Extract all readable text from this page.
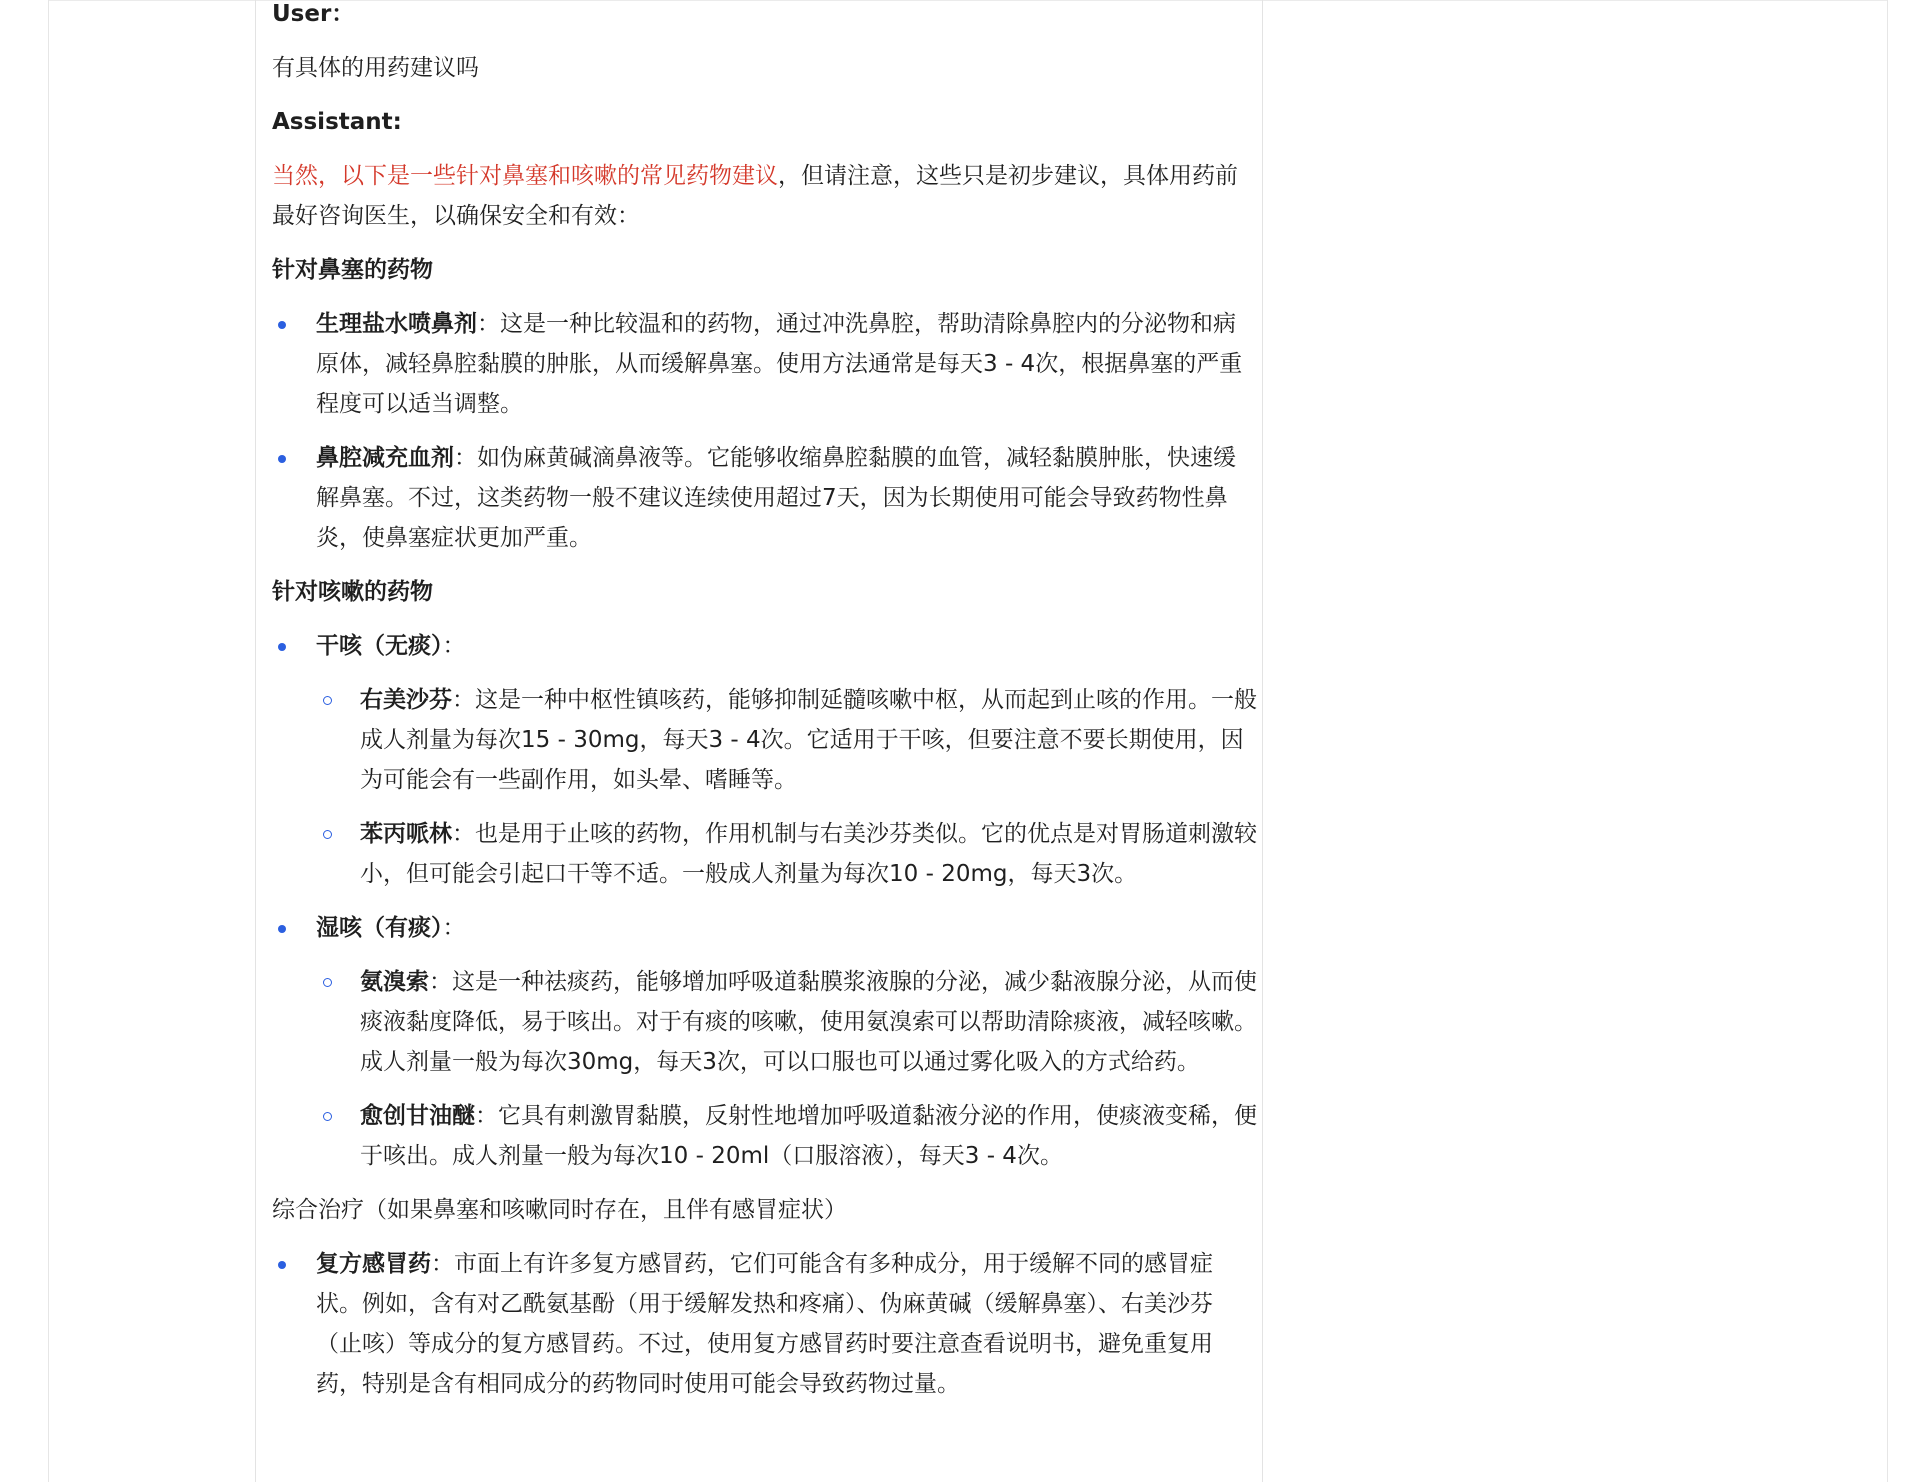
User：

有具体的用药建议吗

Assistant:

当然，以下是一些针对鼻塞和咳嗽的常见药物建议，但请注意，这些只是初步建议，具体用药前最好咨询医生，以确保安全和有效：

针对鼻塞的药物
生理盐水喷鼻剂：这是一种比较温和的药物，通过冲洗鼻腔，帮助清除鼻腔内的分泌物和病原体，减轻鼻腔黏膜的肿胀，从而缓解鼻塞。使用方法通常是每天3 - 4次，根据鼻塞的严重程度可以适当调整。
鼻腔减充血剂：如伪麻黄碱滴鼻液等。它能够收缩鼻腔黏膜的血管，减轻黏膜肿胀，快速缓解鼻塞。不过，这类药物一般不建议连续使用超过7天，因为长期使用可能会导致药物性鼻炎，使鼻塞症状更加严重。
针对咳嗽的药物
干咳（无痰）：
右美沙芬：这是一种中枢性镇咳药，能够抑制延髓咳嗽中枢，从而起到止咳的作用。一般成人剂量为每次15 - 30mg，每天3 - 4次。它适用于干咳，但要注意不要长期使用，因为可能会有一些副作用，如头晕、嗜睡等。
苯丙哌林：也是用于止咳的药物，作用机制与右美沙芬类似。它的优点是对胃肠道刺激较小，但可能会引起口干等不适。一般成人剂量为每次10 - 20mg，每天3次。
湿咳（有痰）：
氨溴索：这是一种祛痰药，能够增加呼吸道黏膜浆液腺的分泌，减少黏液腺分泌，从而使痰液黏度降低，易于咳出。对于有痰的咳嗽，使用氨溴索可以帮助清除痰液，减轻咳嗽。成人剂量一般为每次30mg，每天3次，可以口服也可以通过雾化吸入的方式给药。
愈创甘油醚：它具有刺激胃黏膜，反射性地增加呼吸道黏液分泌的作用，使痰液变稀，便于咳出。成人剂量一般为每次10 - 20ml（口服溶液），每天3 - 4次。
综合治疗（如果鼻塞和咳嗽同时存在，且伴有感冒症状）
复方感冒药：市面上有许多复方感冒药，它们可能含有多种成分，用于缓解不同的感冒症状。例如，含有对乙酰氨基酚（用于缓解发热和疼痛）、伪麻黄碱（缓解鼻塞）、右美沙芬（止咳）等成分的复方感冒药。不过，使用复方感冒药时要注意查看说明书，避免重复用药，特别是含有相同成分的药物同时使用可能会导致药物过量。
